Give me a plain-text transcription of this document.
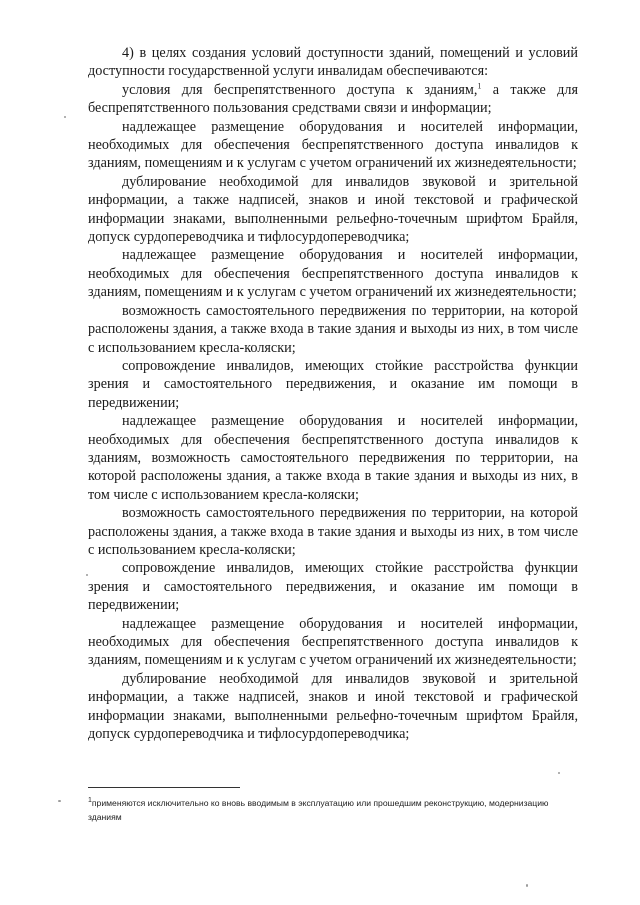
4) в целях создания условий доступности зданий, помещений и условий доступности государственной услуги инвалидам обеспечиваются:

условия для беспрепятственного доступа к зданиям,$^1$ а также для беспрепятственного пользования средствами связи и информации;

надлежащее размещение оборудования и носителей информации, необходимых для обеспечения беспрепятственного доступа инвалидов к зданиям, помещениям и к услугам с учетом ограничений их жизнедеятельности;

дублирование необходимой для инвалидов звуковой и зрительной информации, а также надписей, знаков и иной текстовой и графической информации знаками, выполненными рельефно-точечным шрифтом Брайля, допуск сурдопереводчика и тифлосурдопереводчика;

надлежащее размещение оборудования и носителей информации, необходимых для обеспечения беспрепятственного доступа инвалидов к зданиям, помещениям и к услугам с учетом ограничений их жизнедеятельности;

возможность самостоятельного передвижения по территории, на которой расположены здания, а также входа в такие здания и выходы из них, в том числе с использованием кресла-коляски;

сопровождение инвалидов, имеющих стойкие расстройства функции зрения и самостоятельного передвижения, и оказание им помощи в передвижении;

надлежащее размещение оборудования и носителей информации, необходимых для обеспечения беспрепятственного доступа инвалидов к зданиям, возможность самостоятельного передвижения по территории, на которой расположены здания, а также входа в такие здания и выходы из них, в том числе с использованием кресла-коляски;

возможность самостоятельного передвижения по территории, на которой расположены здания, а также входа в такие здания и выходы из них, в том числе с использованием кресла-коляски;

сопровождение инвалидов, имеющих стойкие расстройства функции зрения и самостоятельного передвижения, и оказание им помощи в передвижении;

надлежащее размещение оборудования и носителей информации, необходимых для обеспечения беспрепятственного доступа инвалидов к зданиям, помещениям и к услугам с учетом ограничений их жизнедеятельности;

дублирование необходимой для инвалидов звуковой и зрительной информации, а также надписей, знаков и иной текстовой и графической информации знаками, выполненными рельефно-точечным шрифтом Брайля, допуск сурдопереводчика и тифлосурдопереводчика;

$^1$применяются исключительно ко вновь вводимым в эксплуатацию или прошедшим реконструкцию, модернизацию зданиям
